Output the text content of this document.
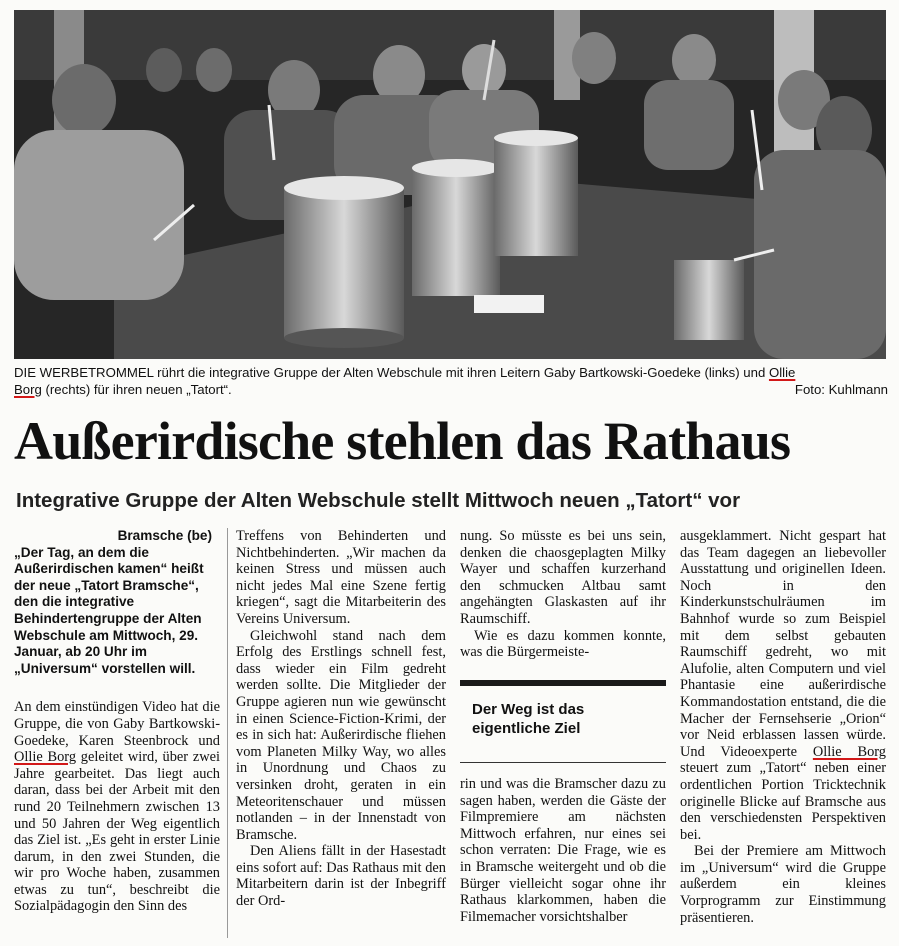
DIE WERBETROMMEL rührt die integrative Gruppe der Alten Webschule mit ihren Leitern Gaby Bartkowski-Goedeke (links) und Ollie
Borg (rechts) für ihren neuen „Tatort“.	Foto: Kuhlmann
Außerirdische stehlen das Rathaus
Integrative Gruppe der Alten Webschule stellt Mittwoch neuen „Tatort“ vor
Bramsche (be)
„Der Tag, an dem die Außerirdischen kamen“ heißt der neue „Tatort Bramsche“, den die integrative Behindertengruppe der Alten Webschule am Mittwoch, 29. Januar, ab 20 Uhr im „Universum“ vorstellen will.

An dem einstündigen Video hat die Gruppe, die von Gaby Bartkowski-Goedeke, Karen Steenbrock und Ollie Borg geleitet wird, über zwei Jahre gearbeitet. Das liegt auch daran, dass bei der Arbeit mit den rund 20 Teilnehmern zwischen 13 und 50 Jahren der Weg eigentlich das Ziel ist. „Es geht in erster Linie darum, in den zwei Stunden, die wir pro Woche haben, zusammen etwas zu tun“, beschreibt die Sozialpädagogin den Sinn des

Treffens von Behinderten und Nichtbehinderten. „Wir machen da keinen Stress und müssen auch nicht jedes Mal eine Szene fertig kriegen“, sagt die Mitarbeiterin des Vereins Universum.

Gleichwohl stand nach dem Erfolg des Erstlings schnell fest, dass wieder ein Film gedreht werden sollte. Die Mitglieder der Gruppe agieren nun wie gewünscht in einen Science-Fiction-Krimi, der es in sich hat: Außerirdische fliehen vom Planeten Milky Way, wo alles in Unordnung und Chaos zu versinken droht, geraten in ein Meteoritenschauer und müssen notlanden – in der Innenstadt von Bramsche.

Den Aliens fällt in der Hasestadt eins sofort auf: Das Rathaus mit den Mitarbeitern darin ist der Inbegriff der Ord-

nung. So müsste es bei uns sein, denken die chaosgeplagten Milky Wayer und schaffen kurzerhand den schmucken Altbau samt angehängten Glaskasten auf ihr Raumschiff.

Wie es dazu kommen konnte, was die Bürgermeiste-

Der Weg ist das eigentliche Ziel

rin und was die Bramscher dazu zu sagen haben, werden die Gäste der Filmpremiere am nächsten Mittwoch erfahren, nur eines sei schon verraten: Die Frage, wie es in Bramsche weitergeht und ob die Bürger vielleicht sogar ohne ihr Rathaus klarkommen, haben die Filmemacher vorsichtshalber

ausgeklammert. Nicht gespart hat das Team dagegen an liebevoller Ausstattung und originellen Ideen. Noch in den Kinderkunstschulräumen im Bahnhof wurde so zum Beispiel mit dem selbst gebauten Raumschiff gedreht, wo mit Alufolie, alten Computern und viel Phantasie eine außerirdische Kommandostation entstand, die die Macher der Fernsehserie „Orion“ vor Neid erblassen lassen würde. Und Videoexperte Ollie Borg steuert zum „Tatort“ neben einer ordentlichen Portion Tricktechnik originelle Blicke auf Bramsche aus den verschiedensten Perspektiven bei.

Bei der Premiere am Mittwoch im „Universum“ wird die Gruppe außerdem ein kleines Vorprogramm zur Einstimmung präsentieren.
